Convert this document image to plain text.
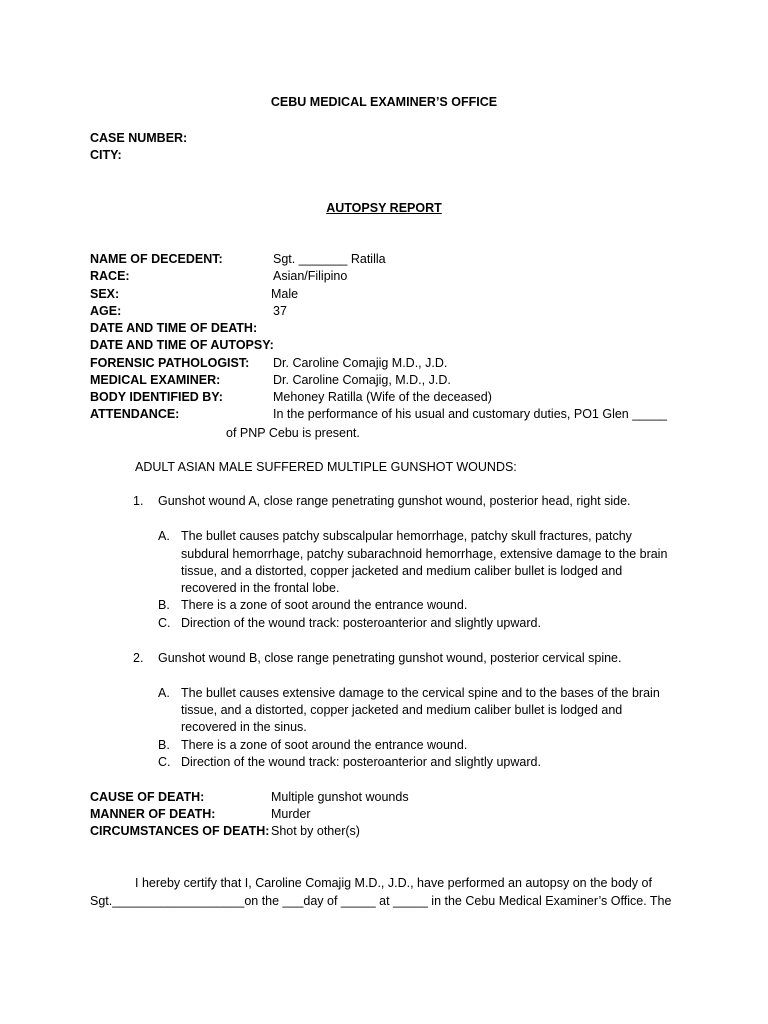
CEBU MEDICAL EXAMINER’S OFFICE
CASE NUMBER:
CITY:
AUTOPSY REPORT
NAME OF DECEDENT:	Sgt. _______ Ratilla
RACE:	Asian/Filipino
SEX:	Male
AGE:	37
DATE AND TIME OF DEATH:
DATE AND TIME OF AUTOPSY:
FORENSIC PATHOLOGIST: Dr. Caroline Comajig M.D., J.D.
MEDICAL EXAMINER:	Dr. Caroline Comajig, M.D., J.D.
BODY IDENTIFIED BY:	Mehoney Ratilla (Wife of the deceased)
ATTENDANCE:	In the performance of his usual and customary duties, PO1 Glen _____
of PNP Cebu is present.
ADULT ASIAN MALE SUFFERED MULTIPLE GUNSHOT WOUNDS:
1. Gunshot wound A, close range penetrating gunshot wound, posterior head, right side.
A. The bullet causes patchy subscalpular hemorrhage, patchy skull fractures, patchy
subdural hemorrhage, patchy subarachnoid hemorrhage, extensive damage to the brain
tissue, and a distorted, copper jacketed and medium caliber bullet is lodged and
recovered in the frontal lobe.
B. There is a zone of soot around the entrance wound.
C. Direction of the wound track: posteroanterior and slightly upward.
2. Gunshot wound B, close range penetrating gunshot wound, posterior cervical spine.
A. The bullet causes extensive damage to the cervical spine and to the bases of the brain
tissue, and a distorted, copper jacketed and medium caliber bullet is lodged and
recovered in the sinus.
B. There is a zone of soot around the entrance wound.
C. Direction of the wound track: posteroanterior and slightly upward.
CAUSE OF DEATH:	Multiple gunshot wounds
MANNER OF DEATH:	Murder
CIRCUMSTANCES OF DEATH: Shot by other(s)
I hereby certify that I, Caroline Comajig M.D., J.D., have performed an autopsy on the body of
Sgt.___________________on the ___day of _____ at _____ in the Cebu Medical Examiner’s Office. The
